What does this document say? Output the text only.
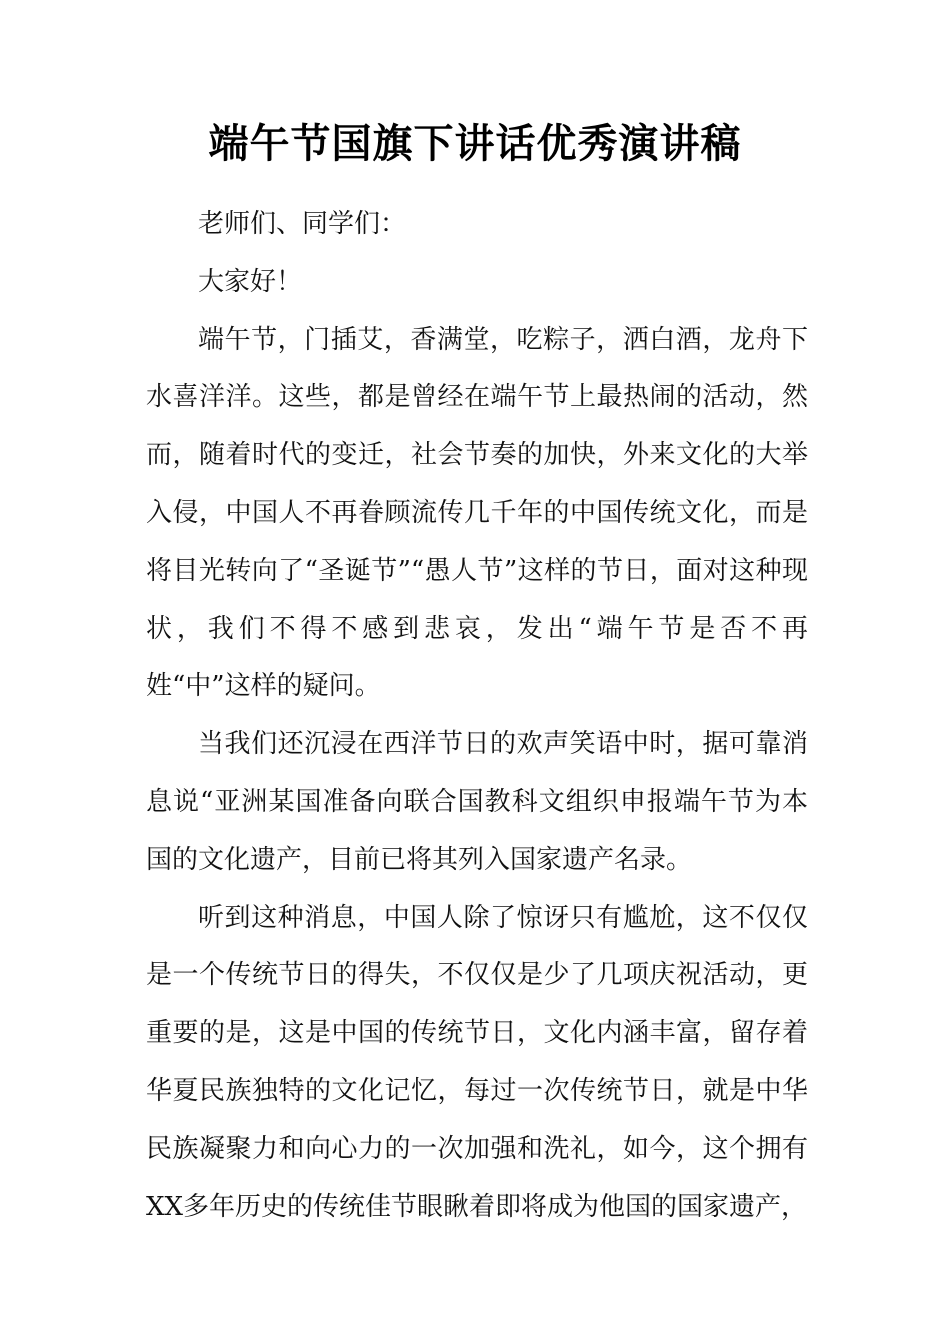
端午节国旗下讲话优秀演讲稿

老师们、同学们：

大家好！

端午节，门插艾，香满堂，吃粽子，洒白酒，龙舟下水喜洋洋。这些，都是曾经在端午节上最热闹的活动，然而，随着时代的变迁，社会节奏的加快，外来文化的大举入侵，中国人不再眷顾流传几千年的中国传统文化，而是将目光转向了“圣诞节”“愚人节”这样的节日，面对这种现状，我们不得不感到悲哀，发出“端午节是否不再姓“中”这样的疑问。

当我们还沉浸在西洋节日的欢声笑语中时，据可靠消息说“亚洲某国准备向联合国教科文组织申报端午节为本国的文化遗产，目前已将其列入国家遗产名录。

听到这种消息，中国人除了惊讶只有尴尬，这不仅仅是一个传统节日的得失，不仅仅是少了几项庆祝活动，更重要的是，这是中国的传统节日，文化内涵丰富，留存着华夏民族独特的文化记忆，每过一次传统节日，就是中华民族凝聚力和向心力的一次加强和洗礼，如今，这个拥有XX多年历史的传统佳节眼瞅着即将成为他国的国家遗产，
